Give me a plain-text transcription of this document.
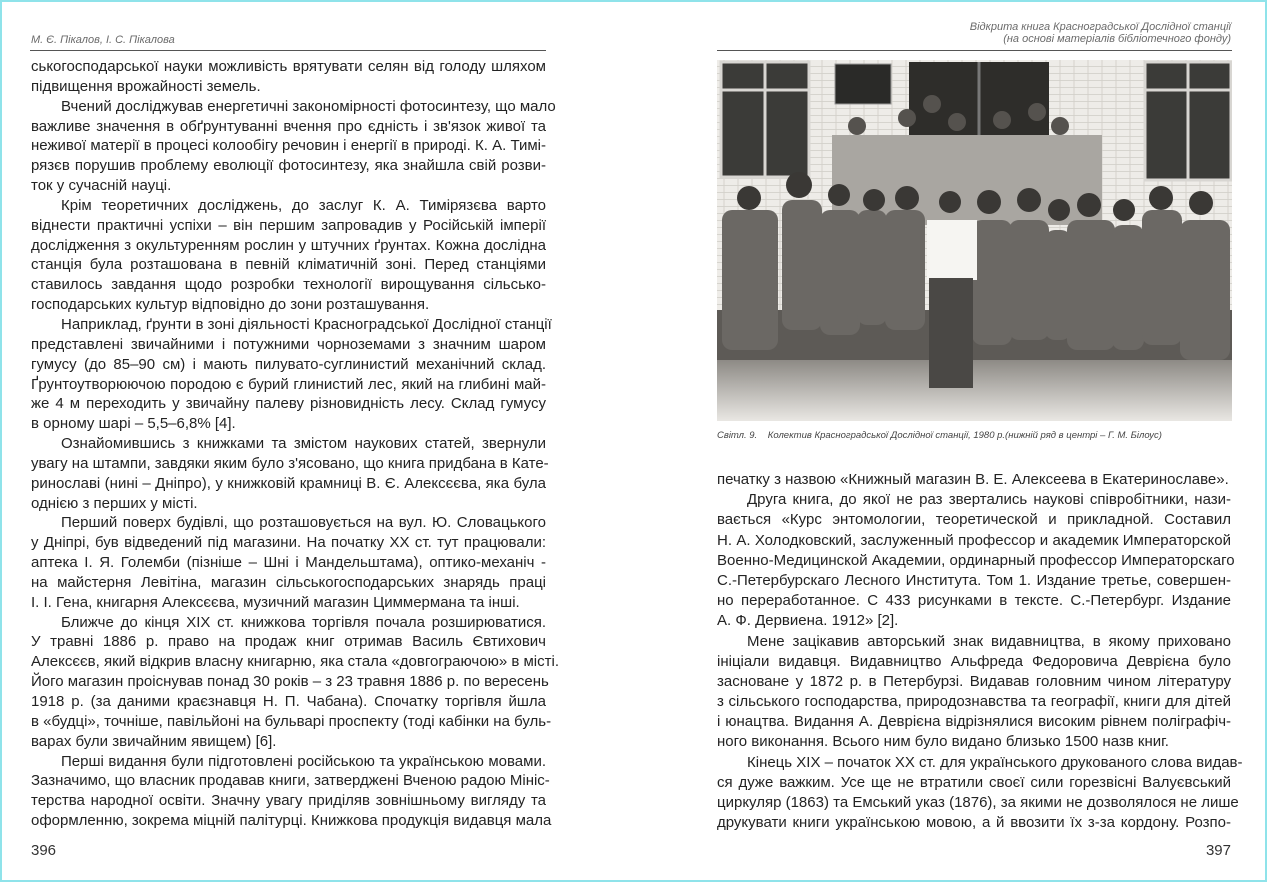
М. Є. Пікалов, І. С. Пікалова
ськогосподарської науки можливість врятувати селян від голоду шляхом
підвищення врожайності земель.
Вчений досліджував енергетичні закономірності фотосинтезу, що мало
важливе значення в обґрунтуванні вчення про єдність і зв'язок живої та
неживої матерії в процесі колообігу речовин і енергії в природі. К. А. Тимі-
рязєв порушив проблему еволюції фотосинтезу, яка знайшла свій розви-
ток у сучасній науці.
Крім теоретичних досліджень, до заслуг К. А. Тимірязєва варто
віднести практичні успіхи – він першим запровадив у Російській імперії
дослідження з окультуренням рослин у штучних ґрунтах. Кожна дослідна
станція була розташована в певній кліматичній зоні. Перед станціями
ставилось завдання щодо розробки технології вирощування сільсько-
господарських культур відповідно до зони розташування.
Наприклад, ґрунти в зоні діяльності Красноградської Дослідної станції
представлені звичайними і потужними чорноземами з значним шаром
гумусу (до 85–90 см) і мають пилувато-суглинистий механічний склад.
Ґрунтоутворюючою породою є бурий глинистий лес, який на глибині май-
же 4 м переходить у звичайну палеву різновидність лесу. Склад гумусу
в орному шарі – 5,5–6,8% [4].
Ознайомившись з книжками та змістом наукових статей, звернули
увагу на штампи, завдяки яким було з'ясовано, що книга придбана в Кате-
ринославі (нині – Дніпро), у книжковій крамниці В. Є. Алексєєва, яка була
однією з перших у місті.
Перший поверх будівлі, що розташовується на вул. Ю. Словацького
у Дніпрі, був відведений під магазини. На початку ХХ ст. тут працювали:
аптека І. Я. Големби (пізніше – Шні і Мандельштама), оптико-механіч -
на майстерня Левітіна, магазин сільськогосподарських знарядь праці
І. І. Гена, книгарня Алексєєва, музичний магазин Циммермана та інші.
Ближче до кінця XIX ст. книжкова торгівля почала розширюватися.
У травні 1886 р. право на продаж книг отримав Василь Євтихович
Алексєєв, який відкрив власну книгарню, яка стала «довгограючою» в місті.
Його магазин проіснував понад 30 років – з 23 травня 1886 р. по вересень
1918 р. (за даними краєзнавця Н. П. Чабана). Спочатку торгівля йшла
в «будці», точніше, павільйоні на бульварі проспекту (тоді кабінки на буль-
варах були звичайним явищем) [6].
Перші видання були підготовлені російською та українською мовами.
Зазначимо, що власник продавав книги, затверджені Вченою радою Мініс-
терства народної освіти. Значну увагу приділяв зовнішньому вигляду та
оформленню, зокрема міцній палітурці. Книжкова продукція видавця мала
396
Відкрита книга Красноградської Дослідної станції
(на основі матеріалів бібліотечного фонду)
Світл. 9. Колектив Красноградської Дослідної станції, 1980 р.(нижній ряд в центрі – Г. М. Білоус)
печатку з назвою «Книжный магазин В. Е. Алексеева в Екатеринославе».
Друга книга, до якої не раз звертались наукові співробітники, нази-
вається «Курс энтомологии, теоретической и прикладной. Составил
Н. А. Холодковский, заслуженный профессор и академик Императорской
Военно-Медицинской Академии, ординарный профессор Императорскаго
С.-Петербурскаго Лесного Института. Том 1. Издание третье, совершен-
но переработанное. С 433 рисунками в тексте. С.-Петербург. Издание
А. Ф. Дервиена. 1912» [2].
Мене зацікавив авторський знак видавництва, в якому приховано
ініціали видавця. Видавництво Альфреда Федоровича Деврієна було
засноване у 1872 р. в Петербурзі. Видавав головним чином літературу
з сільського господарства, природознавства та географії, книги для дітей
і юнацтва. Видання А. Деврієна відрізнялися високим рівнем поліграфіч-
ного виконання. Всього ним було видано близько 1500 назв книг.
Кінець XIX – початок ХХ ст. для українського друкованого слова видав-
ся дуже важким. Усе ще не втратили своєї сили горезвісні Валуєвський
циркуляр (1863) та Емський указ (1876), за якими не дозволялося не лише
друкувати книги українською мовою, а й ввозити їх з-за кордону. Розпо-
397
